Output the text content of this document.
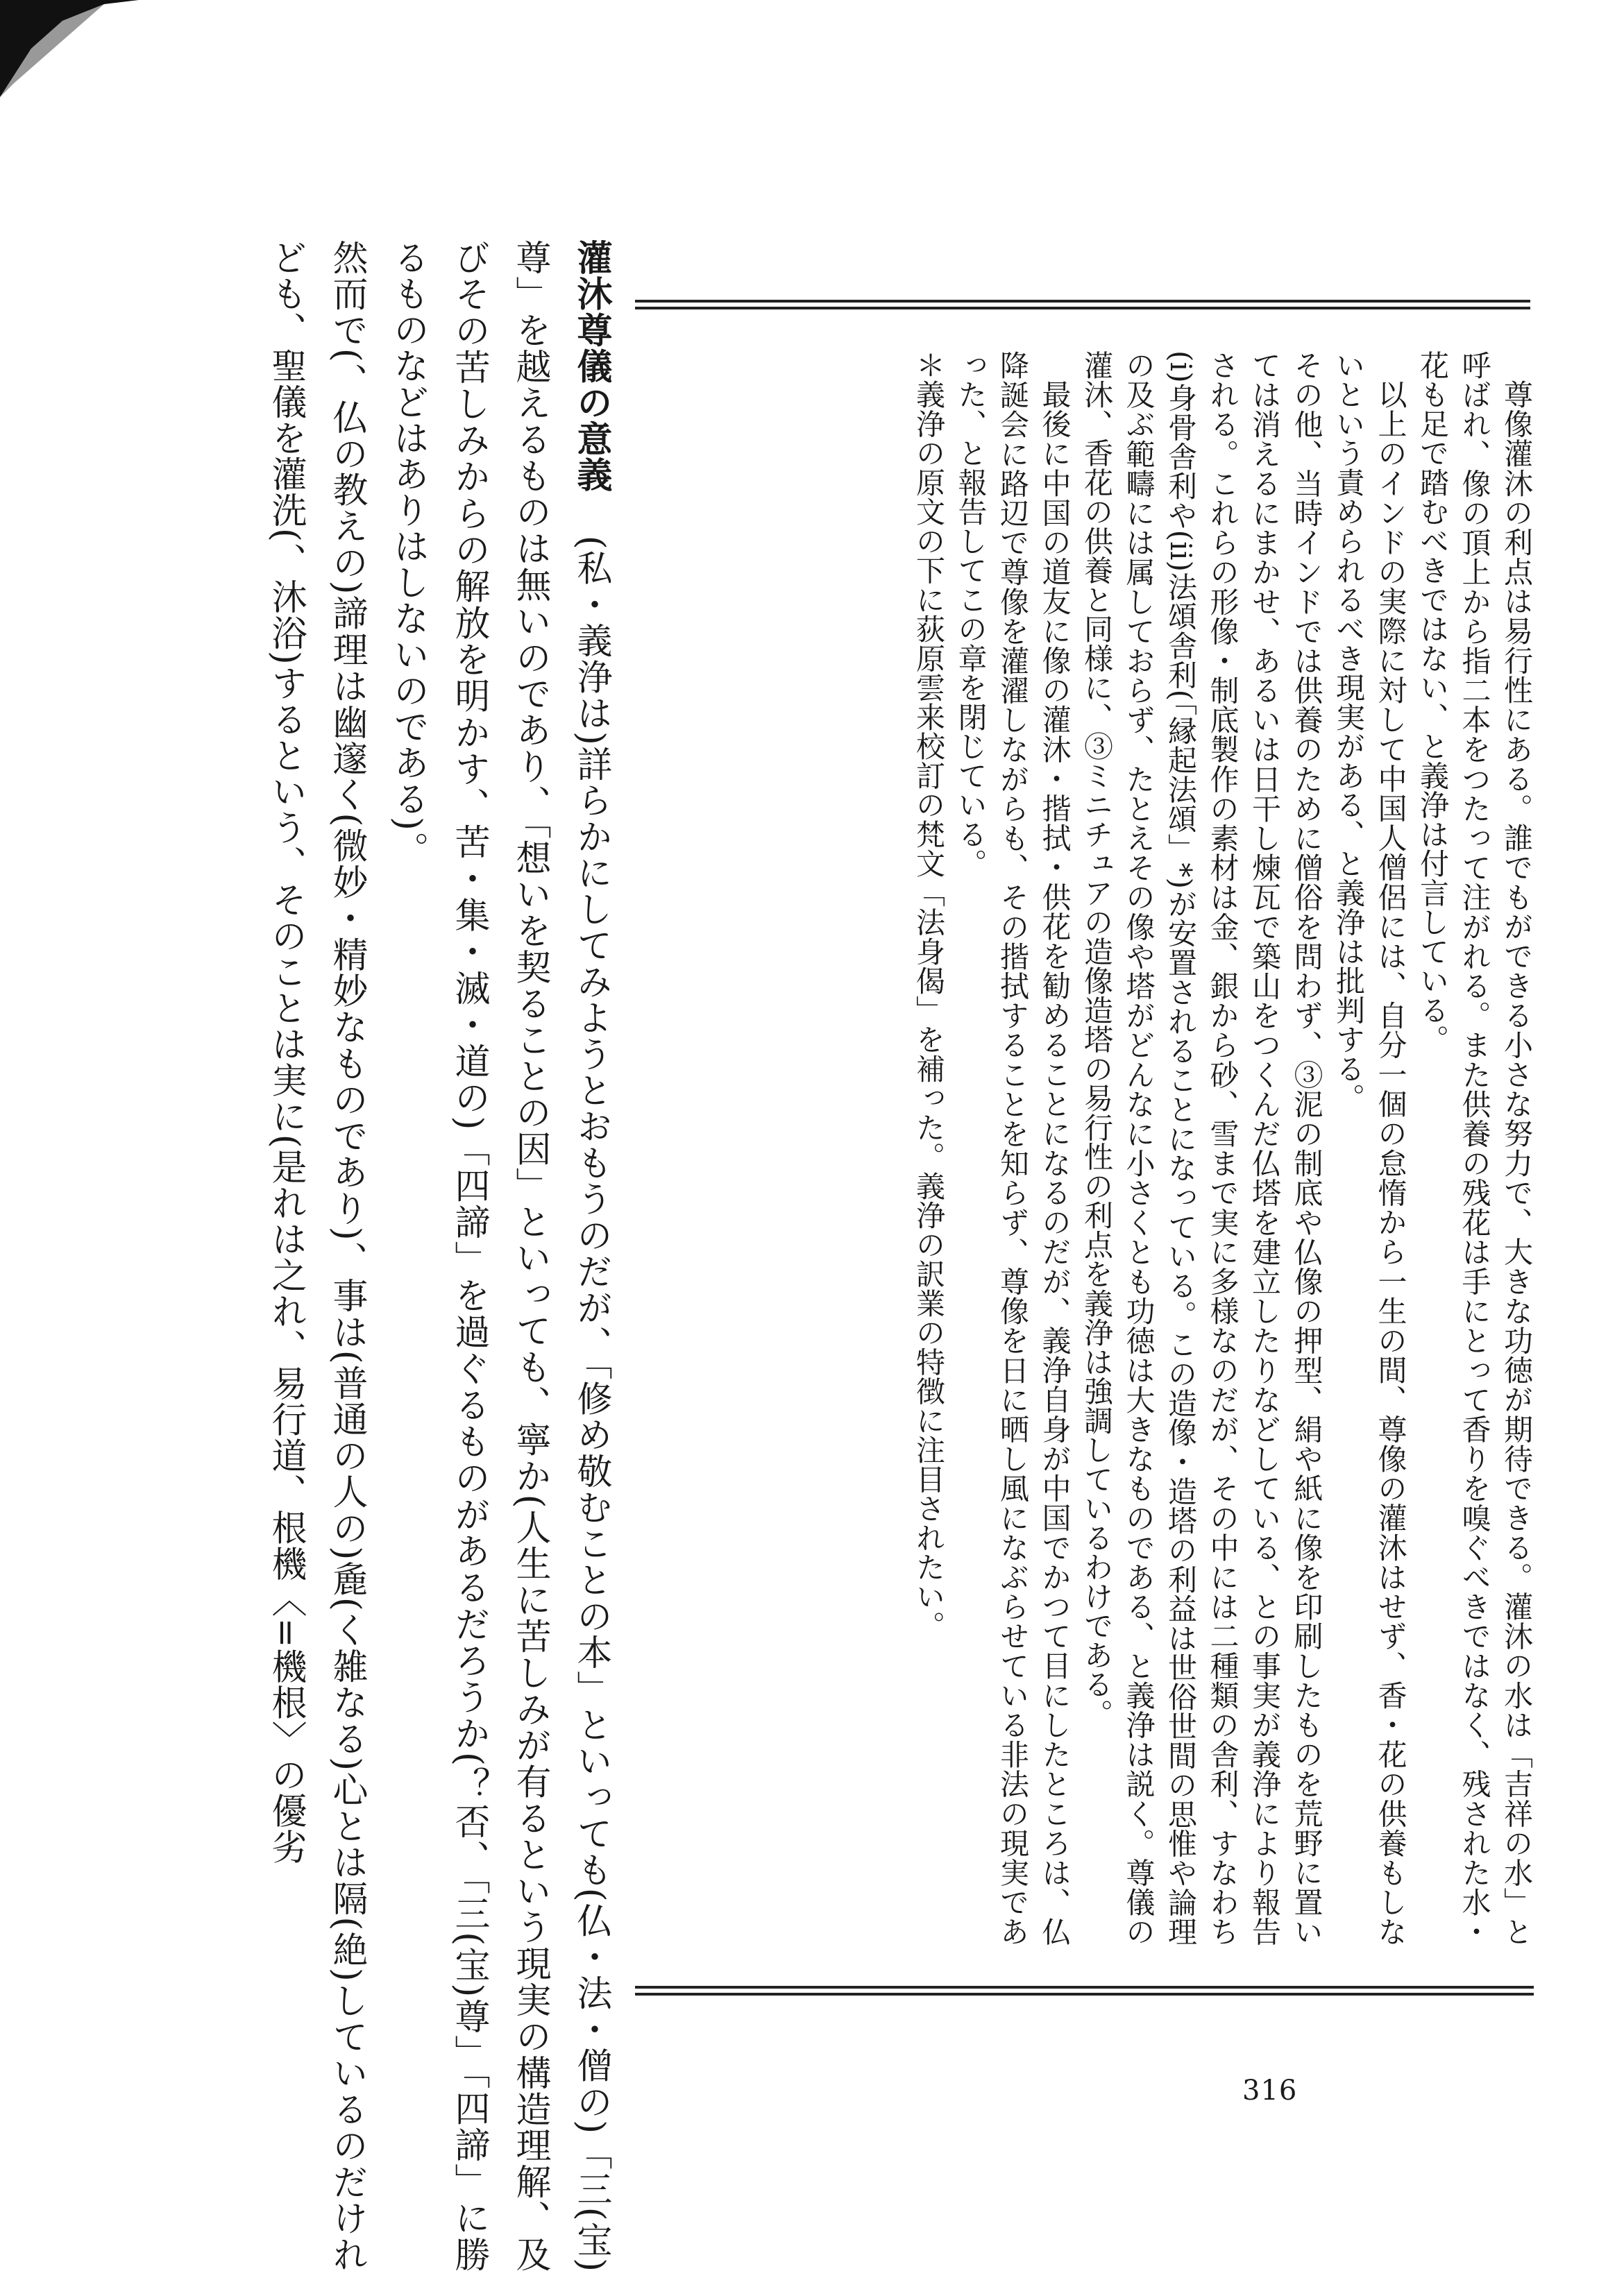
尊像灌沐の利点は易行性にある。誰でもができる小さな努力で、大きな功徳が期待できる。灌沐の水は「吉祥の水」と呼ばれ、像の頂上から指二本をつたって注がれる。また供養の残花は手にとって香りを嗅ぐべきではなく、残された水・花も足で踏むべきではない、と義浄は付言している。

以上のインドの実際に対して中国人僧侶には、自分一個の怠惰から一生の間、尊像の灌沐はせず、香・花の供養もしないという責められるべき現実がある、と義浄は批判する。

その他、当時インドでは供養のために僧俗を問わず、③泥の制底や仏像の押型、絹や紙に像を印刷したものを荒野に置いては消えるにまかせ、あるいは日干し煉瓦で築山をつくんだ仏塔を建立したりなどしている、との事実が義浄により報告される。これらの形像・制底製作の素材は金、銀から砂、雪まで実に多様なのだが、その中には二種類の舎利、すなわち(i)身骨舎利や(ii)法頌舎利(「縁起法頌」*)が安置されることになっている。この造像・造塔の利益は世俗世間の思惟や論理の及ぶ範疇には属しておらず、たとえその像や塔がどんなに小さくとも功徳は大きなものである、と義浄は説く。尊儀の灌沐、香花の供養と同様に、③ミニチュアの造像造塔の易行性の利点を義浄は強調しているわけである。

最後に中国の道友に像の灌沐・揩拭・供花を勧めることになるのだが、義浄自身が中国でかつて目にしたところは、仏降誕会に路辺で尊像を灌濯しながらも、その揩拭することを知らず、尊像を日に晒し風になぶらせている非法の現実であった、と報告してこの章を閉じている。

＊義浄の原文の下に荻原雲来校訂の梵文「法身偈」を補った。義浄の訳業の特徴に注目されたい。

316

灌沐尊儀の意義(私・義浄は)詳らかにしてみようとおもうのだが、「修め敬むことの本」といっても(仏・法・僧の)「三(宝)尊」を越えるものは無いのであり、「想いを契ることの因」といっても、寧か(人生に苦しみが有るという現実の構造理解、及びその苦しみからの解放を明かす、苦・集・滅・道の)「四諦」を過ぐるものがあるだろうか(？否、「三(宝)尊」「四諦」に勝るものなどはありはしないのである)。

然而で(、仏の教えの)諦理は幽邃く(微妙・精妙なものであり)、事は(普通の人の)麁(く雑なる)心とは隔(絶)しているのだけれども、聖儀を灌洗(、沐浴)するという、そのことは実に(是れは之れ、易行道、根機〈=機根〉の優劣
